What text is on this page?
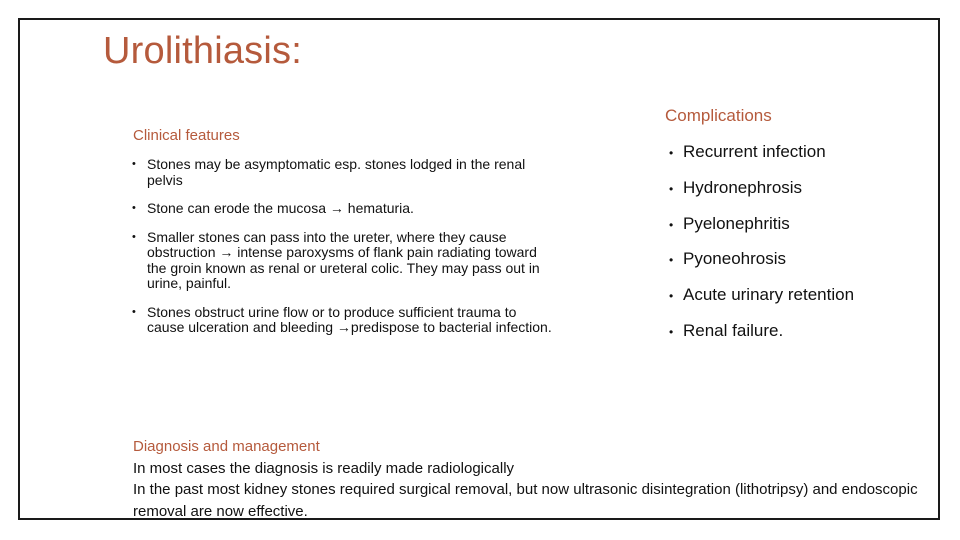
Urolithiasis:
Clinical features
• Stones may be asymptomatic esp. stones lodged in the renal pelvis
• Stone can erode the mucosa → hematuria.
• Smaller stones can pass into the ureter, where they cause obstruction → intense paroxysms of flank pain radiating toward the groin known as renal or ureteral colic. They may pass out in urine, painful.
• Stones obstruct urine flow or to produce sufficient trauma to cause ulceration and bleeding →predispose to bacterial infection.
Complications
• Recurrent infection
• Hydronephrosis
• Pyelonephritis
• Pyoneohrosis
• Acute urinary retention
• Renal failure.
Diagnosis and management
In most cases the diagnosis is readily made radiologically
In the past most kidney stones required surgical removal, but now ultrasonic disintegration (lithotripsy) and endoscopic removal are now effective.
